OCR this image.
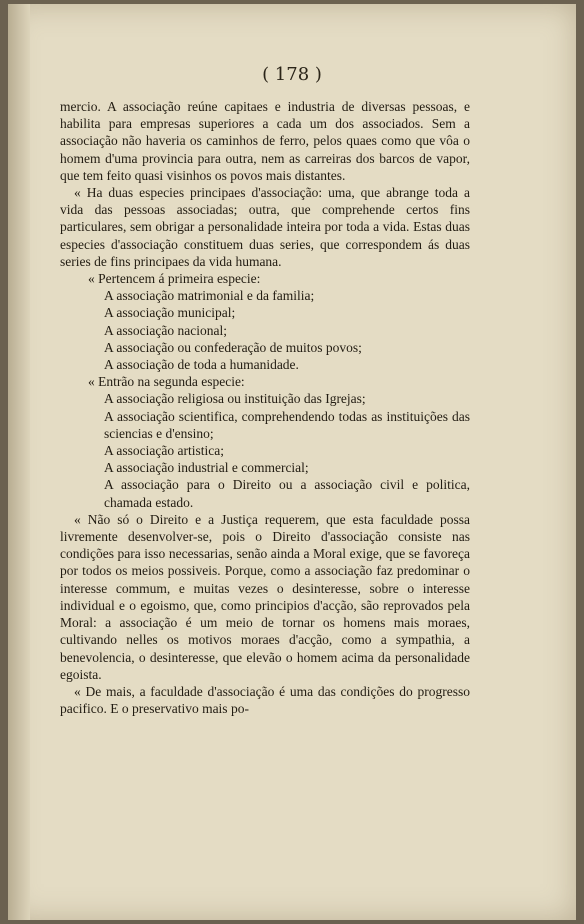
( 178 )

mercio. A associação reúne capitaes e industria de diversas pessoas, e habilita para empresas superiores a cada um dos associados. Sem a associação não haveria os caminhos de ferro, pelos quaes como que vôa o homem d'uma provincia para outra, nem as carreiras dos barcos de vapor, que tem feito quasi visinhos os povos mais distantes.

« Ha duas especies principaes d'associação: uma, que abrange toda a vida das pessoas associadas; outra, que comprehende certos fins particulares, sem obrigar a personalidade inteira por toda a vida. Estas duas especies d'associação constituem duas series, que correspondem ás duas series de fins principaes da vida humana.

« Pertencem á primeira especie:

A associação matrimonial e da familia;

A associação municipal;

A associação nacional;

A associação ou confederação de muitos povos;

A associação de toda a humanidade.

« Entrão na segunda especie:

A associação religiosa ou instituição das Igrejas;

A associação scientifica, comprehendendo todas as instituições das sciencias e d'ensino;

A associação artistica;

A associação industrial e commercial;

A associação para o Direito ou a associação civil e politica, chamada estado.

« Não só o Direito e a Justiça requerem, que esta faculdade possa livremente desenvolver-se, pois o Direito d'associação consiste nas condições para isso necessarias, senão ainda a Moral exige, que se favoreça por todos os meios possiveis. Porque, como a associação faz predominar o interesse commum, e muitas vezes o desinteresse, sobre o interesse individual e o egoismo, que, como principios d'acção, são reprovados pela Moral: a associação é um meio de tornar os homens mais moraes, cultivando nelles os motivos moraes d'acção, como a sympathia, a benevolencia, o desinteresse, que elevão o homem acima da personalidade egoista.

« De mais, a faculdade d'associação é uma das condições do progresso pacifico. E o preservativo mais po-
